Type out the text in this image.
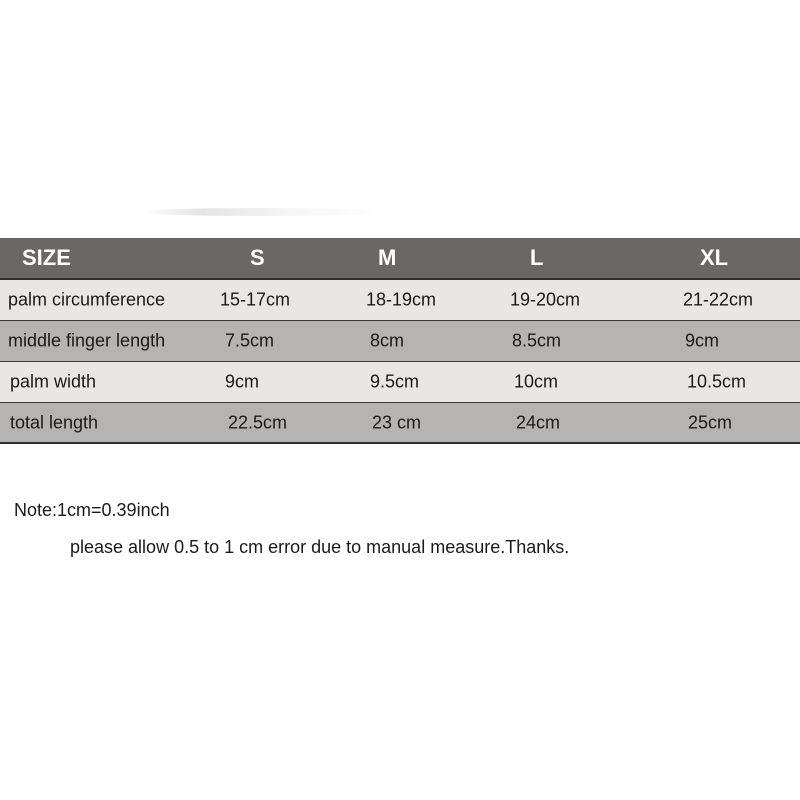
SIZE	S	M	L	XL
palm circumference	15-17cm	18-19cm	19-20cm	21-22cm
middle finger length	7.5cm	8cm	8.5cm	9cm
palm width	9cm	9.5cm	10cm	10.5cm
total length	22.5cm	23 cm	24cm	25cm
Note:1cm=0.39inch
please allow 0.5 to 1 cm error due to manual measure.Thanks.
